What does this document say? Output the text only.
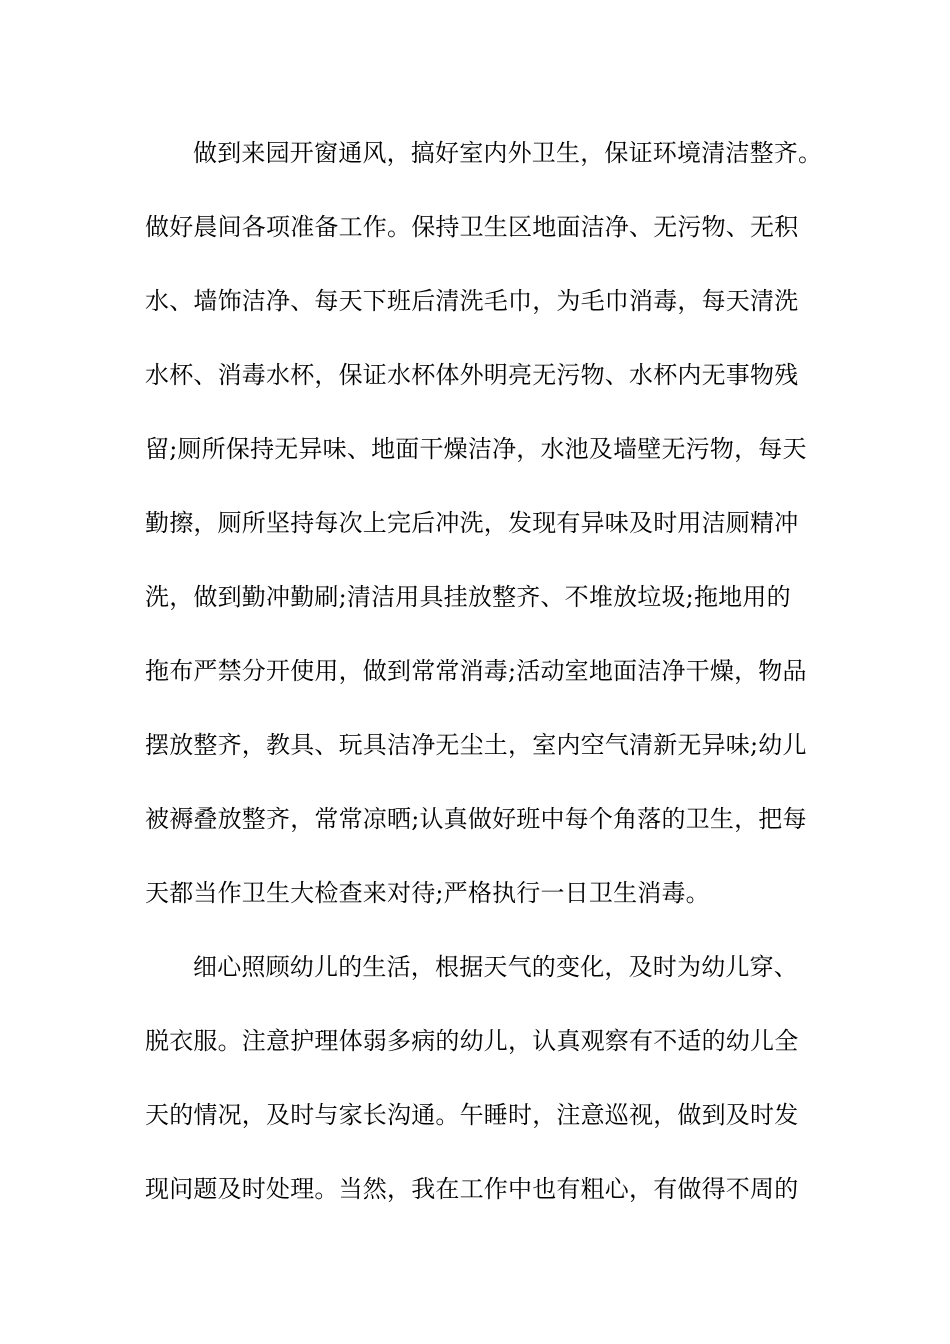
做到来园开窗通风，搞好室内外卫生，保证环境清洁整齐。
做好晨间各项准备工作。保持卫生区地面洁净、无污物、无积
水、墙饰洁净、每天下班后清洗毛巾，为毛巾消毒，每天清洗
水杯、消毒水杯，保证水杯体外明亮无污物、水杯内无事物残
留;厕所保持无异味、地面干燥洁净，水池及墙壁无污物，每天
勤擦，厕所坚持每次上完后冲洗，发现有异味及时用洁厕精冲
洗，做到勤冲勤刷;清洁用具挂放整齐、不堆放垃圾;拖地用的
拖布严禁分开使用，做到常常消毒;活动室地面洁净干燥，物品
摆放整齐，教具、玩具洁净无尘土，室内空气清新无异味;幼儿
被褥叠放整齐，常常凉晒;认真做好班中每个角落的卫生，把每
天都当作卫生大检查来对待;严格执行一日卫生消毒。
细心照顾幼儿的生活，根据天气的变化，及时为幼儿穿、
脱衣服。注意护理体弱多病的幼儿，认真观察有不适的幼儿全
天的情况，及时与家长沟通。午睡时，注意巡视，做到及时发
现问题及时处理。当然，我在工作中也有粗心，有做得不周的
